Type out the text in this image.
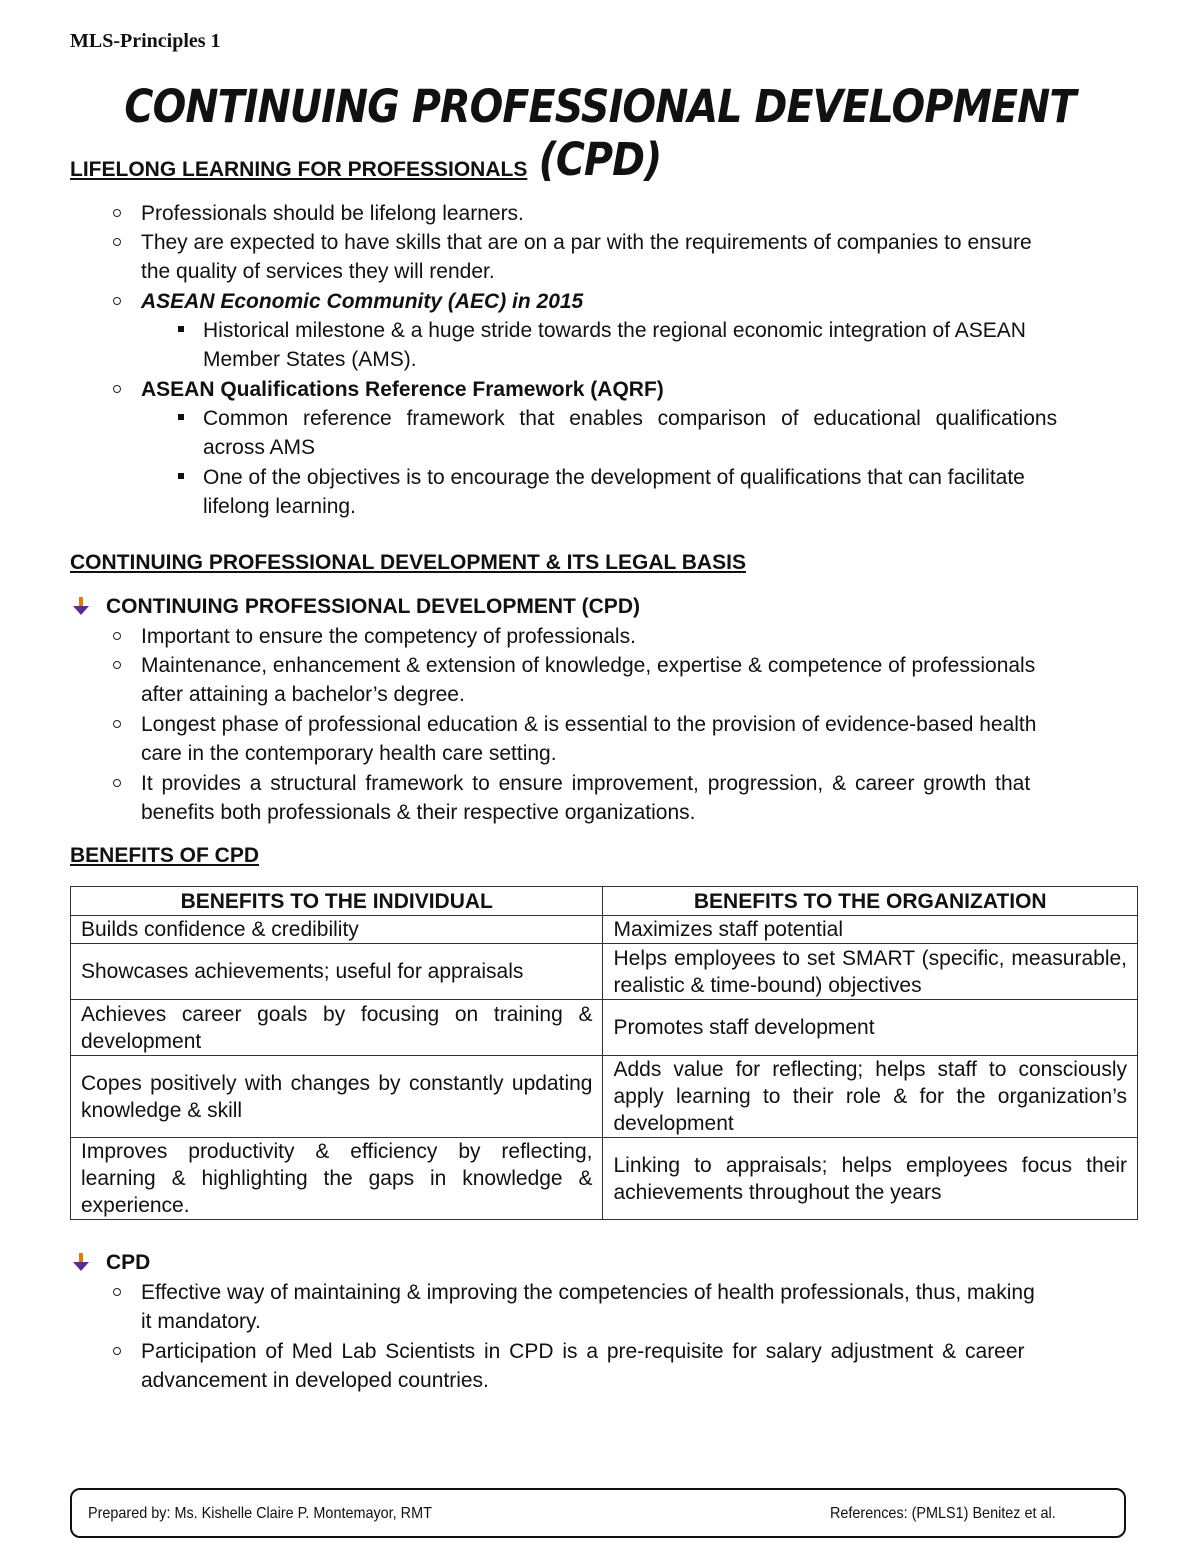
MLS-Principles 1
CONTINUING PROFESSIONAL DEVELOPMENT (CPD)
LIFELONG LEARNING FOR PROFESSIONALS
Professionals should be lifelong learners.
They are expected to have skills that are on a par with the requirements of companies to ensure
the quality of services they will render.
ASEAN Economic Community (AEC) in 2015
Historical milestone & a huge stride towards the regional economic integration of ASEAN
Member States (AMS).
ASEAN Qualifications Reference Framework (AQRF)
Common reference framework that enables comparison of educational qualifications
across AMS
One of the objectives is to encourage the development of qualifications that can facilitate
lifelong learning.
CONTINUING PROFESSIONAL DEVELOPMENT & ITS LEGAL BASIS
CONTINUING PROFESSIONAL DEVELOPMENT (CPD)
Important to ensure the competency of professionals.
Maintenance, enhancement & extension of knowledge, expertise & competence of professionals
after attaining a bachelor’s degree.
Longest phase of professional education & is essential to the provision of evidence-based health
care in the contemporary health care setting.
It provides a structural framework to ensure improvement, progression, & career growth that
benefits both professionals & their respective organizations.
BENEFITS OF CPD
BENEFITS TO THE INDIVIDUAL	BENEFITS TO THE ORGANIZATION
Builds confidence & credibility	Maximizes staff potential
Showcases achievements; useful for appraisals	Helps employees to set SMART (specific, measurable, realistic & time-bound) objectives
Achieves career goals by focusing on training & development	Promotes staff development
Copes positively with changes by constantly updating knowledge & skill	Adds value for reflecting; helps staff to consciously apply learning to their role & for the organization’s development
Improves productivity & efficiency by reflecting, learning & highlighting the gaps in knowledge & experience.	Linking to appraisals; helps employees focus their achievements throughout the years
CPD
Effective way of maintaining & improving the competencies of health professionals, thus, making
it mandatory.
Participation of Med Lab Scientists in CPD is a pre-requisite for salary adjustment & career
advancement in developed countries.
Prepared by: Ms. Kishelle Claire P. Montemayor, RMT	References: (PMLS1) Benitez et al.
